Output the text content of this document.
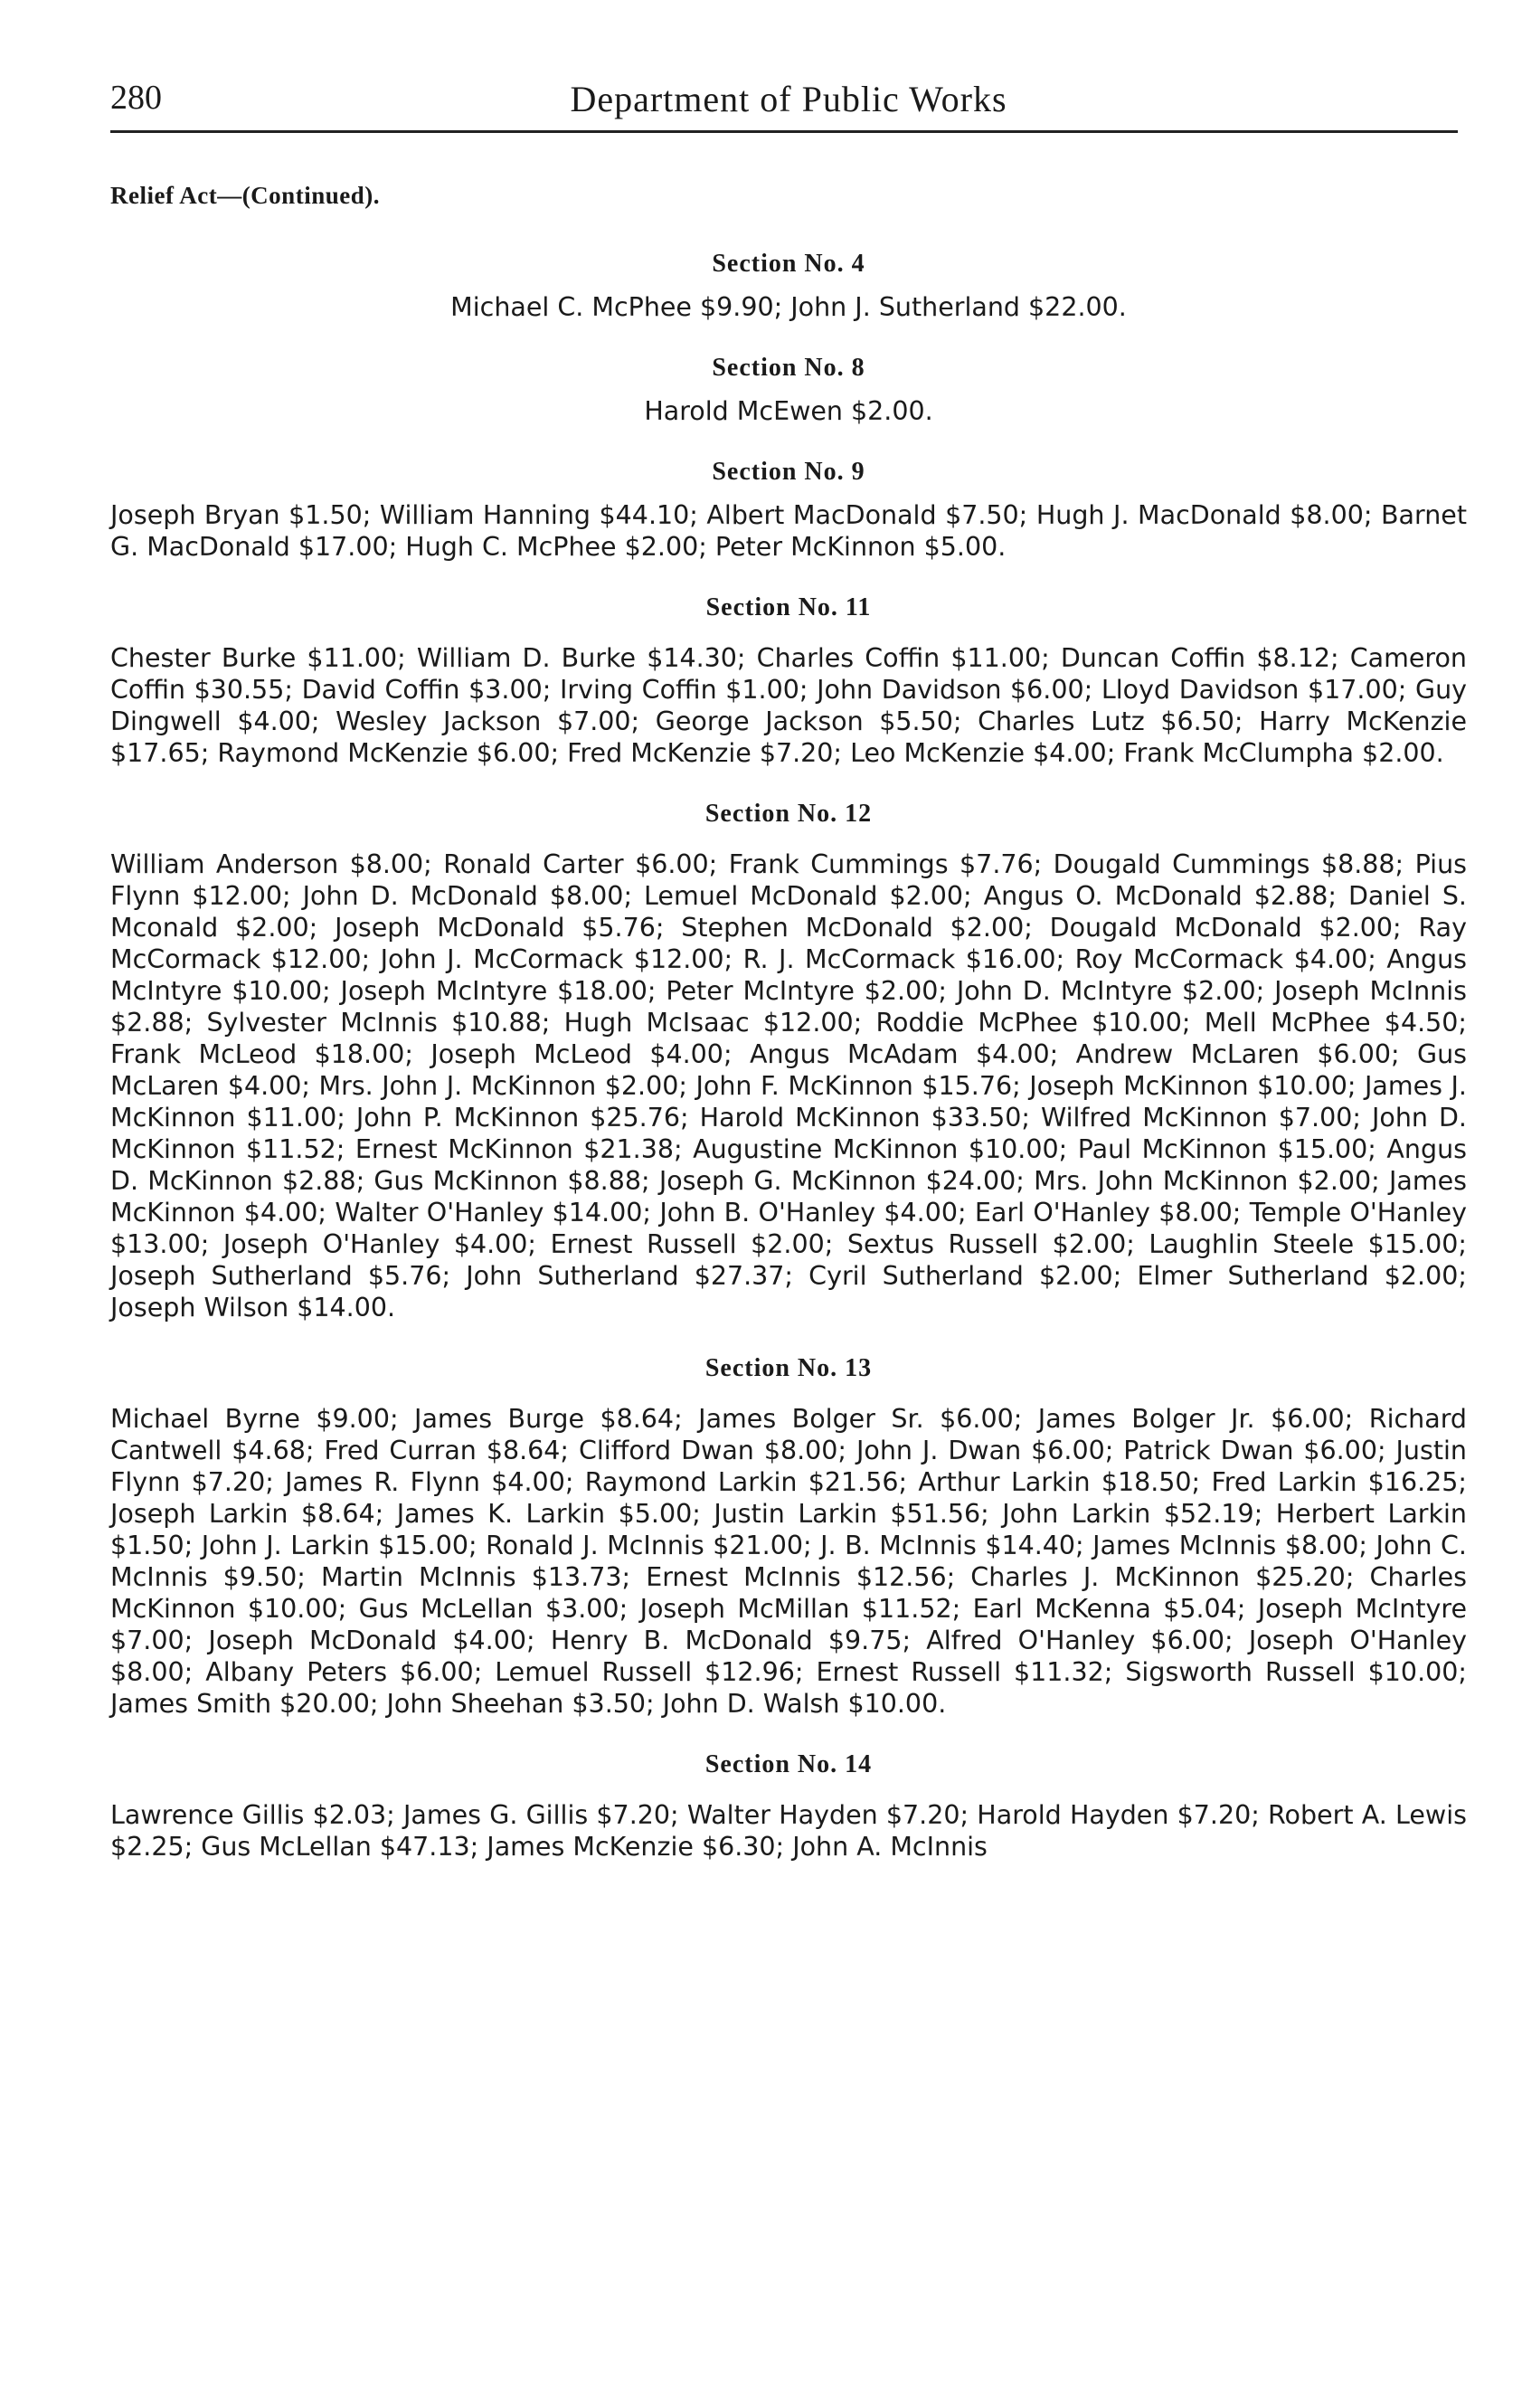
280	Department of Public Works
Relief Act—(Continued).
Section No. 4

Michael C. McPhee $9.90; John J. Sutherland $22.00.

Section No. 8

Harold McEwen $2.00.

Section No. 9

Joseph Bryan $1.50; William Hanning $44.10; Albert MacDonald $7.50; Hugh J. MacDonald $8.00; Barnet G. MacDonald $17.00; Hugh C. McPhee $2.00; Peter McKinnon $5.00.

Section No. 11

Chester Burke $11.00; William D. Burke $14.30; Charles Coffin $11.00; Duncan Coffin $8.12; Cameron Coffin $30.55; David Coffin $3.00; Irving Coffin $1.00; John Davidson $6.00; Lloyd Davidson $17.00; Guy Dingwell $4.00; Wesley Jackson $7.00; George Jackson $5.50; Charles Lutz $6.50; Harry McKenzie $17.65; Raymond McKenzie $6.00; Fred McKenzie $7.20; Leo McKenzie $4.00; Frank McClumpha $2.00.

Section No. 12

William Anderson $8.00; Ronald Carter $6.00; Frank Cummings $7.76; Dougald Cummings $8.88; Pius Flynn $12.00; John D. McDonald $8.00; Lemuel McDonald $2.00; Angus O. McDonald $2.88; Daniel S. Mconald $2.00; Joseph McDonald $5.76; Stephen McDonald $2.00; Dougald McDonald $2.00; Ray McCormack $12.00; John J. McCormack $12.00; R. J. McCormack $16.00; Roy McCormack $4.00; Angus McIntyre $10.00; Joseph McIntyre $18.00; Peter McIntyre $2.00; John D. McIntyre $2.00; Joseph McInnis $2.88; Sylvester McInnis $10.88; Hugh McIsaac $12.00; Roddie McPhee $10.00; Mell McPhee $4.50; Frank McLeod $18.00; Joseph McLeod $4.00; Angus McAdam $4.00; Andrew McLaren $6.00; Gus McLaren $4.00; Mrs. John J. McKinnon $2.00; John F. McKinnon $15.76; Joseph McKinnon $10.00; James J. McKinnon $11.00; John P. McKinnon $25.76; Harold McKinnon $33.50; Wilfred McKinnon $7.00; John D. McKinnon $11.52; Ernest McKinnon $21.38; Augustine McKinnon $10.00; Paul McKinnon $15.00; Angus D. McKinnon $2.88; Gus McKinnon $8.88; Joseph G. McKinnon $24.00; Mrs. John McKinnon $2.00; James McKinnon $4.00; Walter O'Hanley $14.00; John B. O'Hanley $4.00; Earl O'Hanley $8.00; Temple O'Hanley $13.00; Joseph O'Hanley $4.00; Ernest Russell $2.00; Sextus Russell $2.00; Laughlin Steele $15.00; Joseph Sutherland $5.76; John Sutherland $27.37; Cyril Sutherland $2.00; Elmer Sutherland $2.00; Joseph Wilson $14.00.

Section No. 13

Michael Byrne $9.00; James Burge $8.64; James Bolger Sr. $6.00; James Bolger Jr. $6.00; Richard Cantwell $4.68; Fred Curran $8.64; Clifford Dwan $8.00; John J. Dwan $6.00; Patrick Dwan $6.00; Justin Flynn $7.20; James R. Flynn $4.00; Raymond Larkin $21.56; Arthur Larkin $18.50; Fred Larkin $16.25; Joseph Larkin $8.64; James K. Larkin $5.00; Justin Larkin $51.56; John Larkin $52.19; Herbert Larkin $1.50; John J. Larkin $15.00; Ronald J. McInnis $21.00; J. B. McInnis $14.40; James McInnis $8.00; John C. McInnis $9.50; Martin McInnis $13.73; Ernest McInnis $12.56; Charles J. McKinnon $25.20; Charles McKinnon $10.00; Gus McLellan $3.00; Joseph McMillan $11.52; Earl McKenna $5.04; Joseph McIntyre $7.00; Joseph McDonald $4.00; Henry B. McDonald $9.75; Alfred O'Hanley $6.00; Joseph O'Hanley $8.00; Albany Peters $6.00; Lemuel Russell $12.96; Ernest Russell $11.32; Sigsworth Russell $10.00; James Smith $20.00; John Sheehan $3.50; John D. Walsh $10.00.

Section No. 14

Lawrence Gillis $2.03; James G. Gillis $7.20; Walter Hayden $7.20; Harold Hayden $7.20; Robert A. Lewis $2.25; Gus McLellan $47.13; James McKenzie $6.30; John A. McInnis
